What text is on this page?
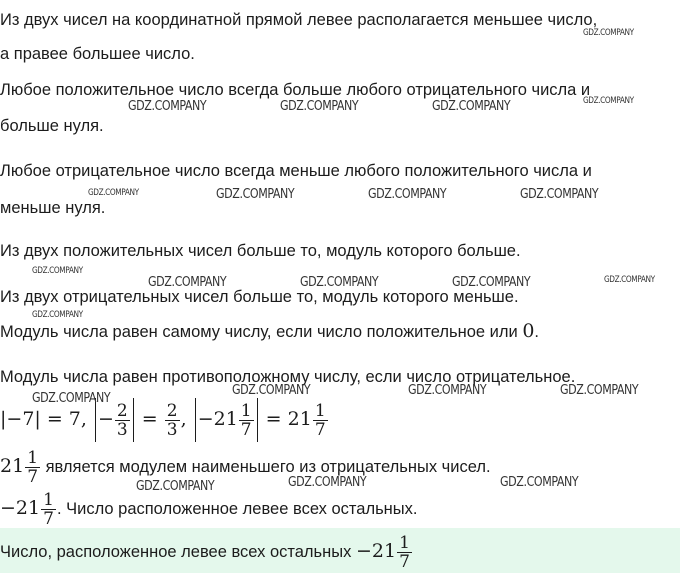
Из двух чисел на координатной прямой левее располагается меньшее число,
а правее большее число.
Любое положительное число всегда больше любого отрицательного числа и
больше нуля.
Любое отрицательное число всегда меньше любого положительного числа и
меньше нуля.
Из двух положительных чисел больше то, модуль которого больше.
Из двух отрицательных чисел больше то, модуль которого меньше.
Модуль числа равен самому числу, если число положительное или 0.
Модуль числа равен противоположному числу, если число отрицательное.
|−7| = 7, − $\frac{2}{3} = \frac{2}{3}$ , $-21 \frac{1}{7} = 21 \frac{1}{7}$
$21 \frac{1}{7}$ является модулем наименьшего из отрицательных чисел.
$-21 \frac{1}{7}$ . Число расположенное левее всех остальных.
Число, расположенное левее всех остальных $-21 \frac{1}{7}$
GDZ.COMPANY
GDZ.COMPANY	GDZ.COMPANY	GDZ.COMPANY	GDZ.COMPANY
GDZ.COMPANY	GDZ.COMPANY	GDZ.COMPANY	GDZ.COMPANY
GDZ.COMPANY
GDZ.COMPANY	GDZ.COMPANY	GDZ.COMPANY	GDZ.COMPANY
GDZ.COMPANY
GDZ.COMPANY	GDZ.COMPANY	GDZ.COMPANY
GDZ.COMPANY
GDZ.COMPANY	GDZ.COMPANY	GDZ.COMPANY
